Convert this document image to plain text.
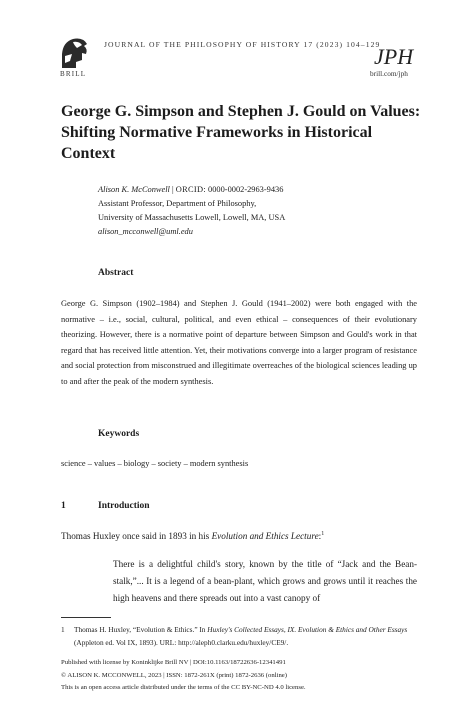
BRILL
JOURNAL OF THE PHILOSOPHY OF HISTORY 17 (2023) 104–129
JPH
brill.com/jph
George G. Simpson and Stephen J. Gould on Values: Shifting Normative Frameworks in Historical Context
Alison K. McConwell | ORCID: 0000-0002-2963-9436
Assistant Professor, Department of Philosophy,
University of Massachusetts Lowell, Lowell, MA, USA
alison_mcconwell@uml.edu
Abstract
George G. Simpson (1902–1984) and Stephen J. Gould (1941–2002) were both engaged with the normative – i.e., social, cultural, political, and even ethical – consequences of their evolutionary theorizing. However, there is a normative point of departure between Simpson and Gould's work in that regard that has received little attention. Yet, their motivations converge into a larger program of resistance and social protection from misconstrued and illegitimate overreaches of the biological sciences leading up to and after the peak of the modern synthesis.
Keywords
science – values – biology – society – modern synthesis
1	Introduction
Thomas Huxley once said in 1893 in his Evolution and Ethics Lecture:$^1$
There is a delightful child's story, known by the title of “Jack and the Bean-stalk,”... It is a legend of a bean-plant, which grows and grows until it reaches the high heavens and there spreads out into a vast canopy of
1 Thomas H. Huxley, “Evolution & Ethics.” In Huxley's Collected Essays, IX. Evolution & Ethics and Other Essays (Appleton ed. Vol IX, 1893). URL: http://aleph0.clarku.edu/huxley/CE9/.
Published with license by Koninklijke Brill NV | DOI:10.1163/18722636-12341491
© ALISON K. MCCONWELL, 2023 | ISSN: 1872-261X (print) 1872-2636 (online)
This is an open access article distributed under the terms of the CC BY-NC-ND 4.0 license.
